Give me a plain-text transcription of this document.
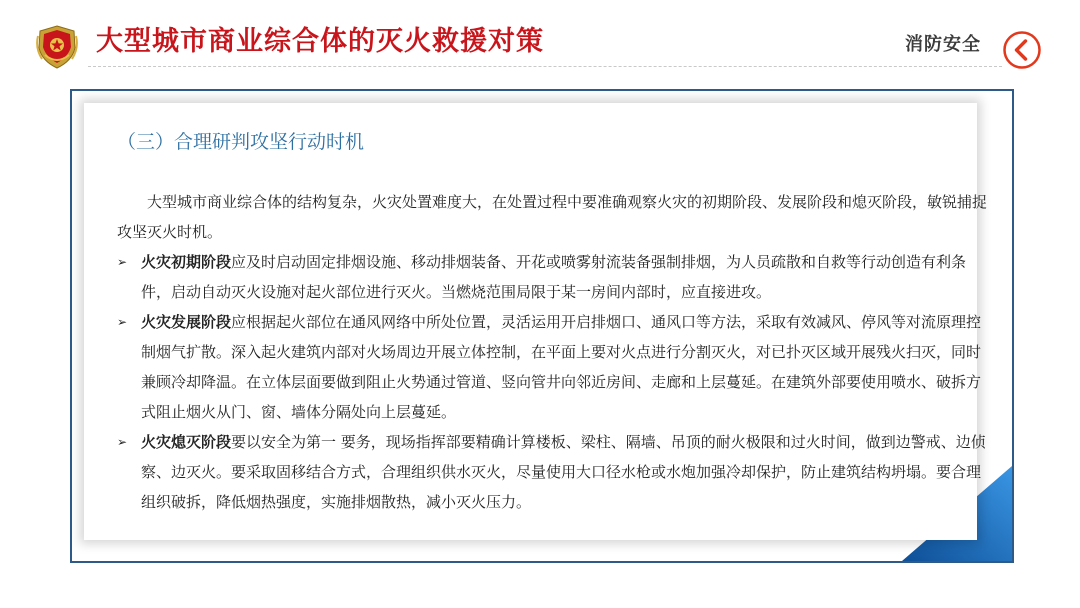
大型城市商业综合体的灭火救援对策	消防安全
（三）合理研判攻坚行动时机

大型城市商业综合体的结构复杂，火灾处置难度大，在处置过程中要准确观察火灾的初期阶段、发展阶段和熄灭阶段，敏锐捕捉攻坚灭火时机。

➢ 火灾初期阶段应及时启动固定排烟设施、移动排烟装备、开花或喷雾射流装备强制排烟，为人员疏散和自救等行动创造有利条件，启动自动灭火设施对起火部位进行灭火。当燃烧范围局限于某一房间内部时，应直接进攻。

➢ 火灾发展阶段应根据起火部位在通风网络中所处位置，灵活运用开启排烟口、通风口等方法，采取有效减风、停风等对流原理控制烟气扩散。深入起火建筑内部对火场周边开展立体控制，在平面上要对火点进行分割灭火，对已扑灭区域开展残火扫灭，同时兼顾冷却降温。在立体层面要做到阻止火势通过管道、竖向管井向邻近房间、走廊和上层蔓延。在建筑外部要使用喷水、破拆方式阻止烟火从门、窗、墙体分隔处向上层蔓延。

➢ 火灾熄灭阶段要以安全为第一 要务，现场指挥部要精确计算楼板、梁柱、隔墙、吊顶的耐火极限和过火时间，做到边警戒、边侦察、边灭火。要采取固移结合方式，合理组织供水灭火，尽量使用大口径水枪或水炮加强冷却保护，防止建筑结构坍塌。要合理组织破拆，降低烟热强度，实施排烟散热，减小灭火压力。
